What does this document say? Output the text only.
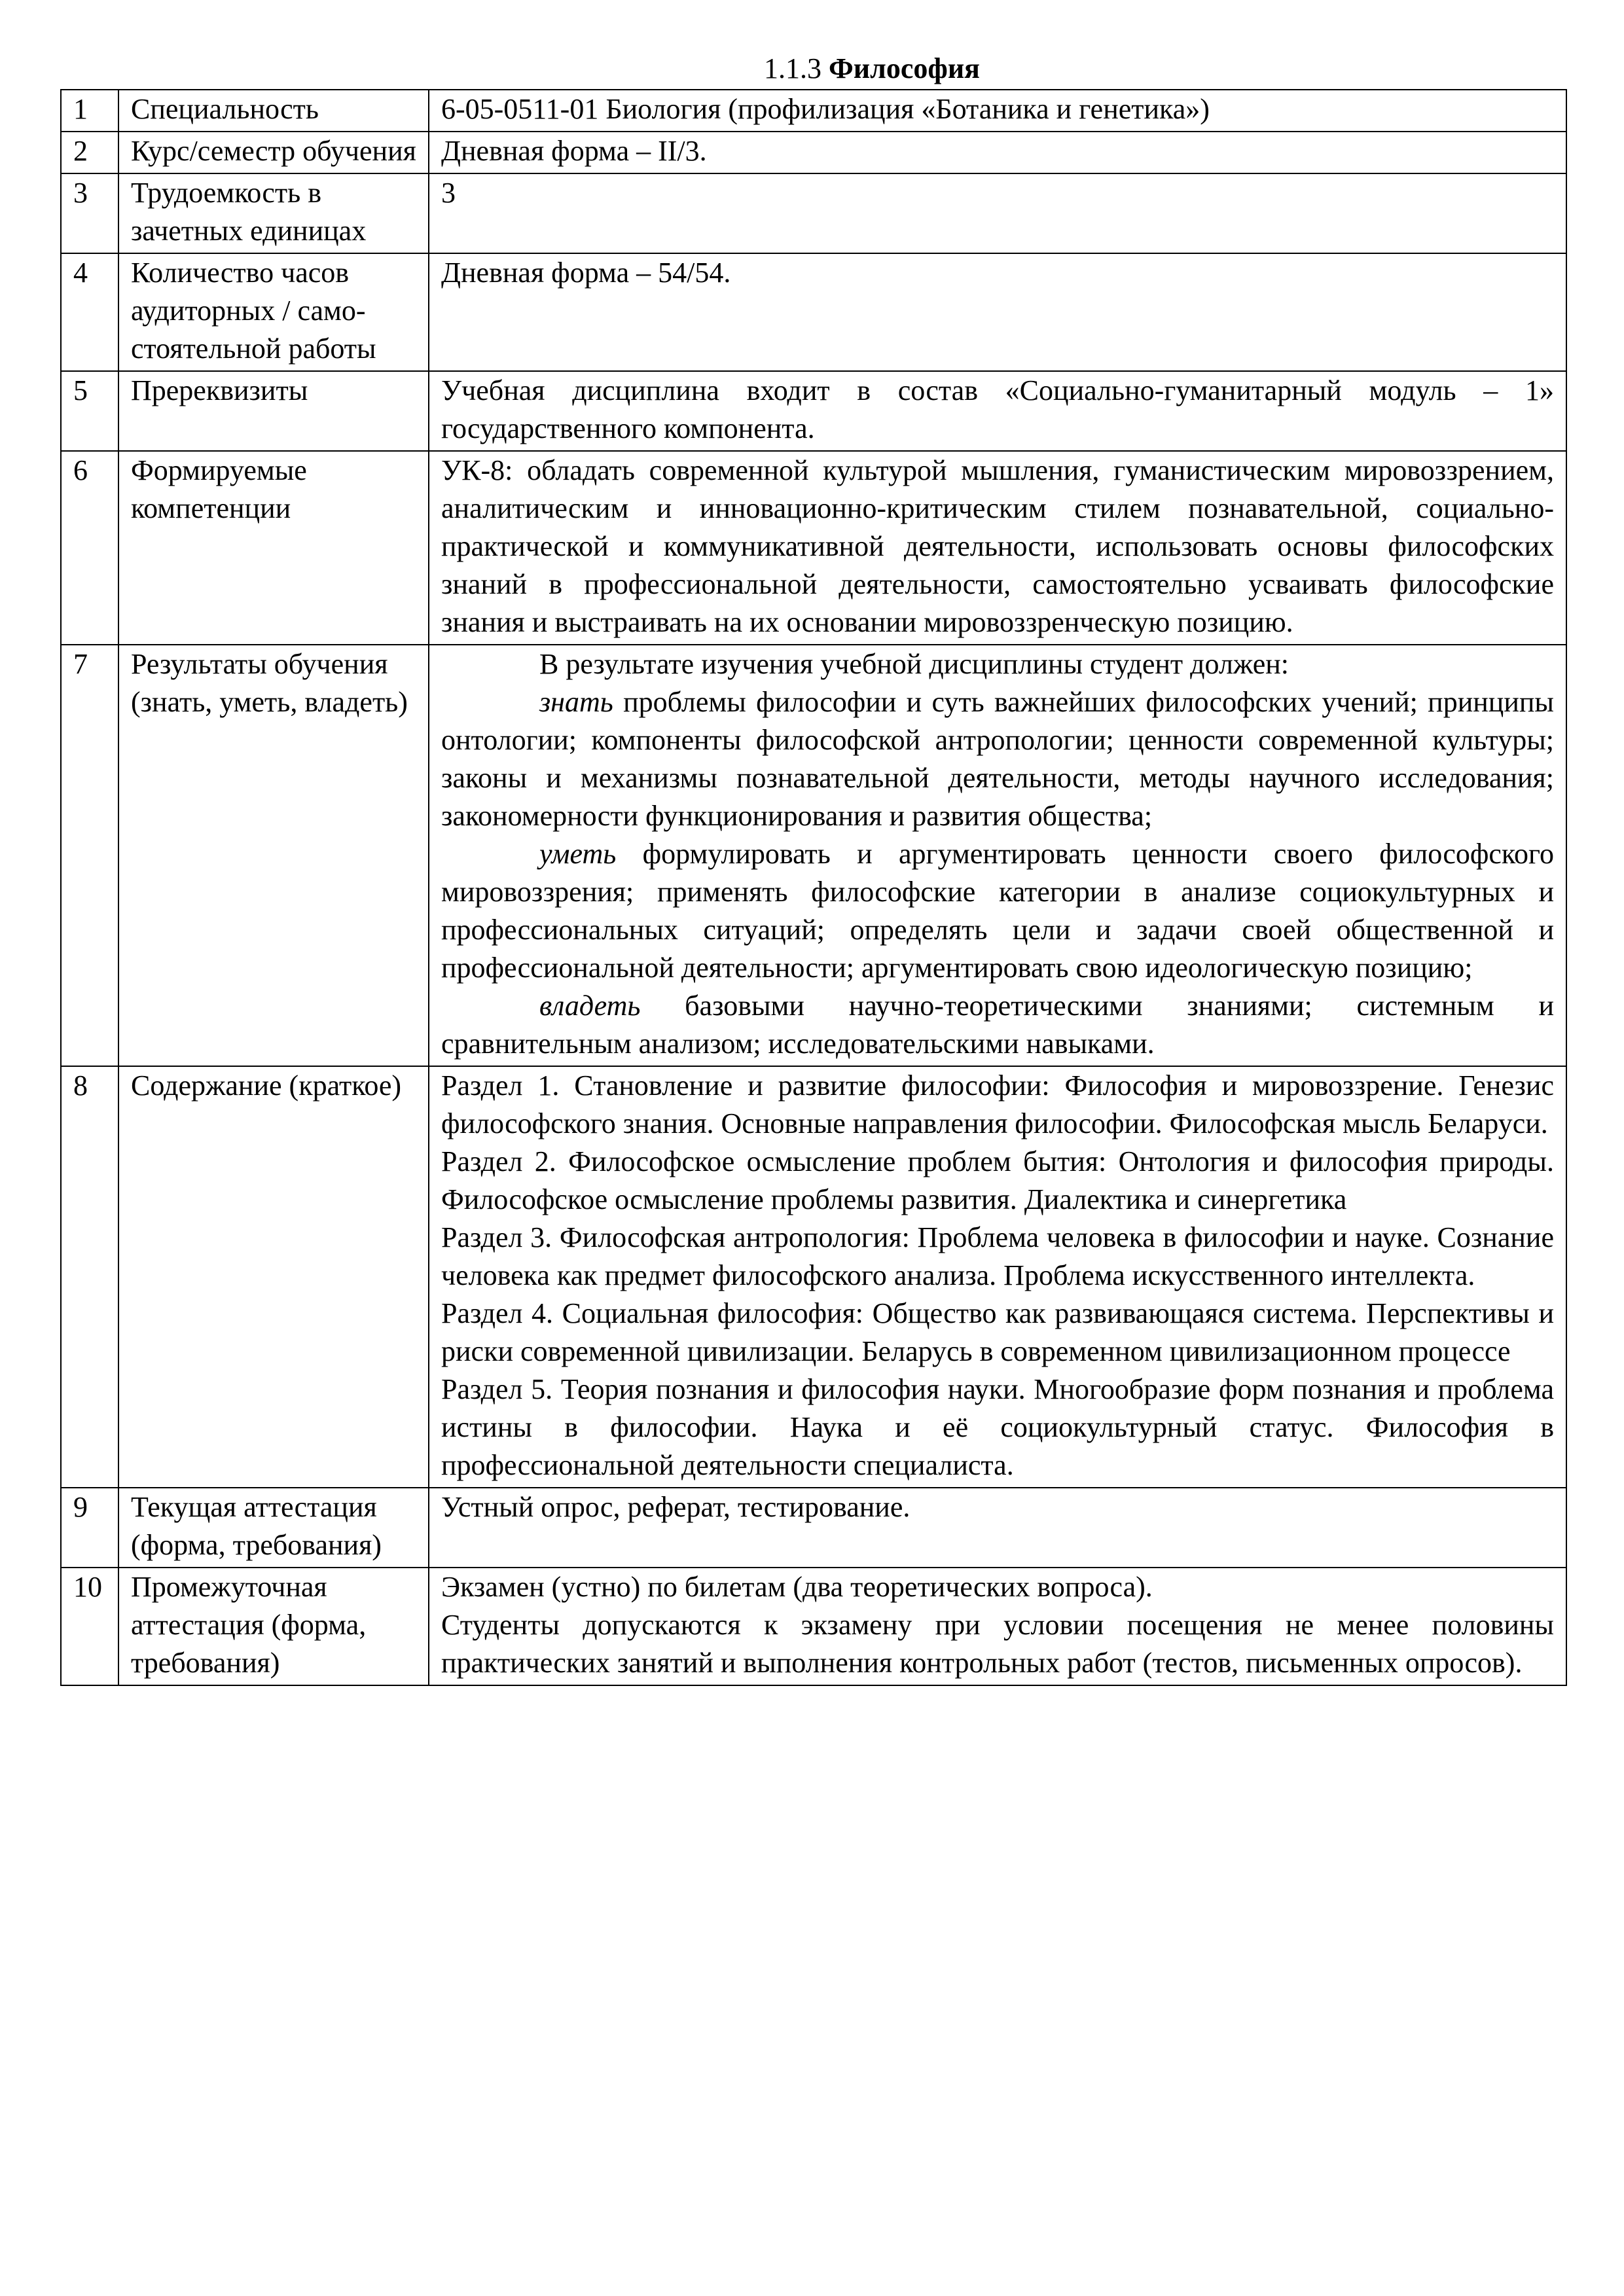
1.1.3 Философия
1	Специальность	6-05-0511-01 Биология (профилизация «Ботаника и генетика»)
2	Курс/семестр обучения	Дневная форма – II/3.
3	Трудоемкость в зачетных единицах	3
4	Количество часов аудиторных / само-стоятельной работы	Дневная форма – 54/54.
5	Пререквизиты	Учебная дисциплина входит в состав «Социально-гуманитарный модуль – 1» государственного компонента.
6	Формируемые компетенции	УК-8: обладать современной культурой мышления, гуманистическим мировоззрением, аналитическим и инновационно-критическим стилем познавательной, социально-практической и коммуникативной деятельности, использовать основы философских знаний в профессиональной деятельности, самостоятельно усваивать философские знания и выстраивать на их основании мировоззренческую позицию.
7	Результаты обучения (знать, уметь, владеть)	В результате изучения учебной дисциплины студент должен:

знать проблемы философии и суть важнейших философских учений; принципы онтологии; компоненты философской антропологии; ценности современной культуры; законы и механизмы познавательной деятельности, методы научного исследования; закономерности функционирования и развития общества;

уметь формулировать и аргументировать ценности своего философского мировоззрения; применять философские категории в анализе социокультурных и профессиональных ситуаций; определять цели и задачи своей общественной и профессиональной деятельности; аргументировать свою идеологическую позицию;

владеть базовыми научно-теоретическими знаниями; системным и сравнительным анализом; исследовательскими навыками.

8	Содержание (краткое)	Раздел 1. Становление и развитие философии: Философия и мировоззрение. Генезис философского знания. Основные направления философии. Философская мысль Беларуси.

Раздел 2. Философское осмысление проблем бытия: Онтология и философия природы. Философское осмысление проблемы развития. Диалектика и синергетика

Раздел 3. Философская антропология: Проблема человека в философии и науке. Сознание человека как предмет философского анализа. Проблема искусственного интеллекта.

Раздел 4. Социальная философия: Общество как развивающаяся система. Перспективы и риски современной цивилизации. Беларусь в современном цивилизационном процессе

Раздел 5. Теория познания и философия науки. Многообразие форм познания и проблема истины в философии. Наука и её социокультурный статус. Философия в профессиональной деятельности специалиста.

9	Текущая аттестация (форма, требования)	Устный опрос, реферат, тестирование.
10	Промежуточная аттестация (форма, требования)	Экзамен (устно) по билетам (два теоретических вопроса).

Студенты допускаются к экзамену при условии посещения не менее половины практических занятий и выполнения контрольных работ (тестов, письменных опросов).
